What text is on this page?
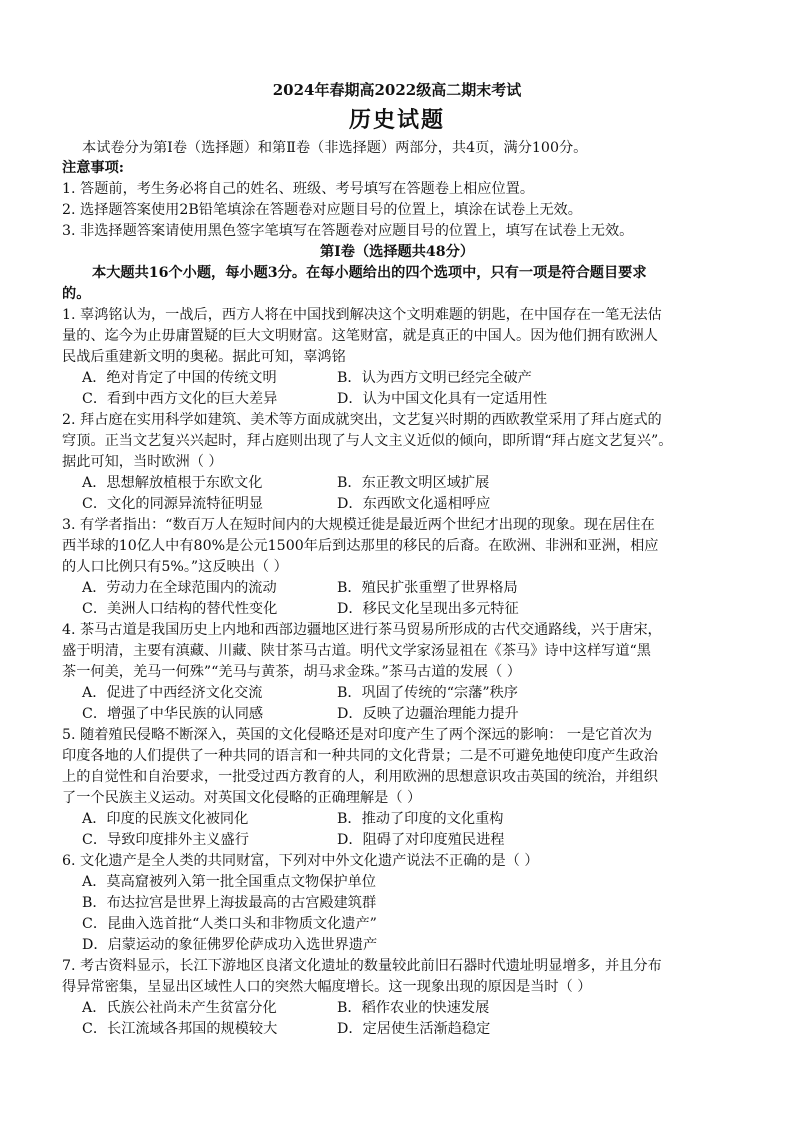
2024年春期高2022级高二期末考试
历史试题
本试卷分为第Ⅰ卷（选择题）和第Ⅱ卷（非选择题）两部分，共4页，满分100分。
注意事项:
1. 答题前，考生务必将自己的姓名、班级、考号填写在答题卷上相应位置。
2. 选择题答案使用2B铅笔填涂在答题卷对应题目号的位置上，填涂在试卷上无效。
3. 非选择题答案请使用黑色签字笔填写在答题卷对应题目号的位置上，填写在试卷上无效。
第Ⅰ卷（选择题共48分）
本大题共16个小题，每小题3分。在每小题给出的四个选项中，只有一项是符合题目要求
的。
1. 辜鸿铭认为，一战后，西方人将在中国找到解决这个文明难题的钥匙，在中国存在一笔无法估
量的、迄今为止毋庸置疑的巨大文明财富。这笔财富，就是真正的中国人。因为他们拥有欧洲人
民战后重建新文明的奥秘。据此可知，辜鸿铭
A．绝对肯定了中国的传统文明	B．认为西方文明已经完全破产
C．看到中西方文化的巨大差异	D．认为中国文化具有一定适用性
2. 拜占庭在实用科学如建筑、美术等方面成就突出，文艺复兴时期的西欧教堂采用了拜占庭式的
穹顶。正当文艺复兴兴起时，拜占庭则出现了与人文主义近似的倾向，即所谓“拜占庭文艺复兴”。
据此可知，当时欧洲（ ）
A．思想解放植根于东欧文化	B．东正教文明区域扩展
C．文化的同源异流特征明显	D．东西欧文化遥相呼应
3. 有学者指出：“数百万人在短时间内的大规模迁徙是最近两个世纪才出现的现象。现在居住在
西半球的10亿人中有80%是公元1500年后到达那里的移民的后裔。在欧洲、非洲和亚洲，相应
的人口比例只有5%。”这反映出（ ）
A．劳动力在全球范围内的流动	B．殖民扩张重塑了世界格局
C．美洲人口结构的替代性变化	D．移民文化呈现出多元特征
4. 茶马古道是我国历史上内地和西部边疆地区进行茶马贸易所形成的古代交通路线，兴于唐宋，
盛于明清，主要有滇藏、川藏、陕甘茶马古道。明代文学家汤显祖在《茶马》诗中这样写道“黑
茶一何美，羌马一何殊”“羌马与黄茶，胡马求金珠。”茶马古道的发展（ ）
A．促进了中西经济文化交流	B．巩固了传统的“宗藩”秩序
C．增强了中华民族的认同感	D．反映了边疆治理能力提升
5. 随着殖民侵略不断深入，英国的文化侵略还是对印度产生了两个深远的影响： 一是它首次为
印度各地的人们提供了一种共同的语言和一种共同的文化背景；二是不可避免地使印度产生政治
上的自觉性和自治要求，一批受过西方教育的人，利用欧洲的思想意识攻击英国的统治，并组织
了一个民族主义运动。对英国文化侵略的正确理解是（ ）
A．印度的民族文化被同化	B．推动了印度的文化重构
C．导致印度排外主义盛行	D．阻碍了对印度殖民进程
6. 文化遗产是全人类的共同财富，下列对中外文化遗产说法不正确的是（ ）
A．莫高窟被列入第一批全国重点文物保护单位
B．布达拉宫是世界上海拔最高的古宫殿建筑群
C．昆曲入选首批“人类口头和非物质文化遗产”
D．启蒙运动的象征佛罗伦萨成功入选世界遗产
7. 考古资料显示，长江下游地区良渚文化遗址的数量较此前旧石器时代遗址明显增多，并且分布
得异常密集，呈显出区域性人口的突然大幅度增长。这一现象出现的原因是当时（ ）
A．氏族公社尚未产生贫富分化	B．稻作农业的快速发展
C．长江流域各邦国的规模较大	D．定居使生活渐趋稳定
